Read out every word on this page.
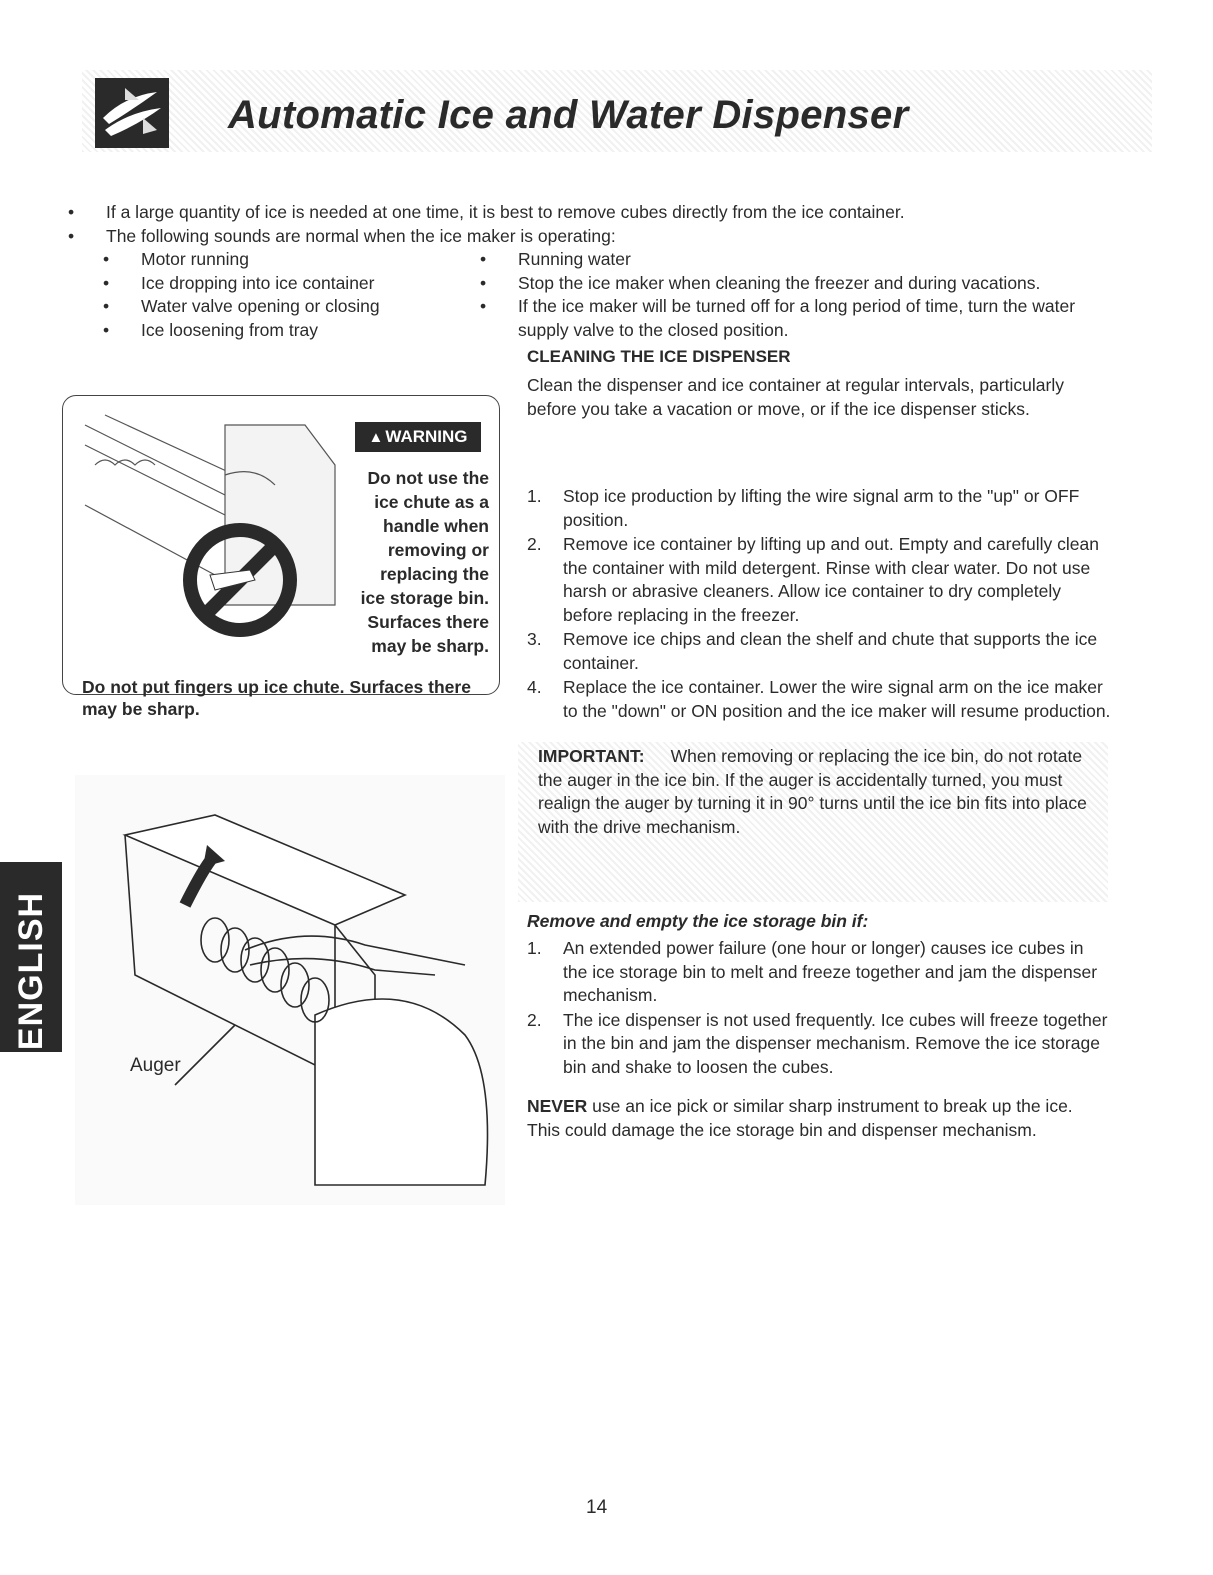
Automatic Ice and Water Dispenser
• If a large quantity of ice is needed at one time, it is best to remove cubes directly from the ice container.
• The following sounds are normal when the ice maker is operating:
• Motor running
• Ice dropping into ice container
• Water valve opening or closing
• Ice loosening from tray
• Running water
• Stop the ice maker when cleaning the freezer and during vacations.
• If the ice maker will be turned off for a long period of time, turn the water supply valve to the closed position.
▲ WARNING
Do not use the ice chute as a handle when removing or replacing the ice storage bin. Surfaces there may be sharp.
Do not put fingers up ice chute. Surfaces there may be sharp.
CLEANING THE ICE DISPENSER

Clean the dispenser and ice container at regular intervals, particularly before you take a vacation or move, or if the ice dispenser sticks.

1. Stop ice production by lifting the wire signal arm to the "up" or OFF position.
2. Remove ice container by lifting up and out. Empty and carefully clean the container with mild detergent. Rinse with clear water. Do not use harsh or abrasive cleaners. Allow ice container to dry completely before replacing in the freezer.
3. Remove ice chips and clean the shelf and chute that supports the ice container.
4. Replace the ice container. Lower the wire signal arm on the ice maker to the "down" or ON position and the ice maker will resume production.
IMPORTANT: When removing or replacing the ice bin, do not rotate the auger in the ice bin. If the auger is accidentally turned, you must realign the auger by turning it in 90° turns until the ice bin fits into place with the drive mechanism.
Remove and empty the ice storage bin if:
1. An extended power failure (one hour or longer) causes ice cubes in the ice storage bin to melt and freeze together and jam the dispenser mechanism.
2. The ice dispenser is not used frequently. Ice cubes will freeze together in the bin and jam the dispenser mechanism. Remove the ice storage bin and shake to loosen the cubes.

NEVER use an ice pick or similar sharp instrument to break up the ice. This could damage the ice storage bin and dispenser mechanism.

Auger
ENGLISH
14
